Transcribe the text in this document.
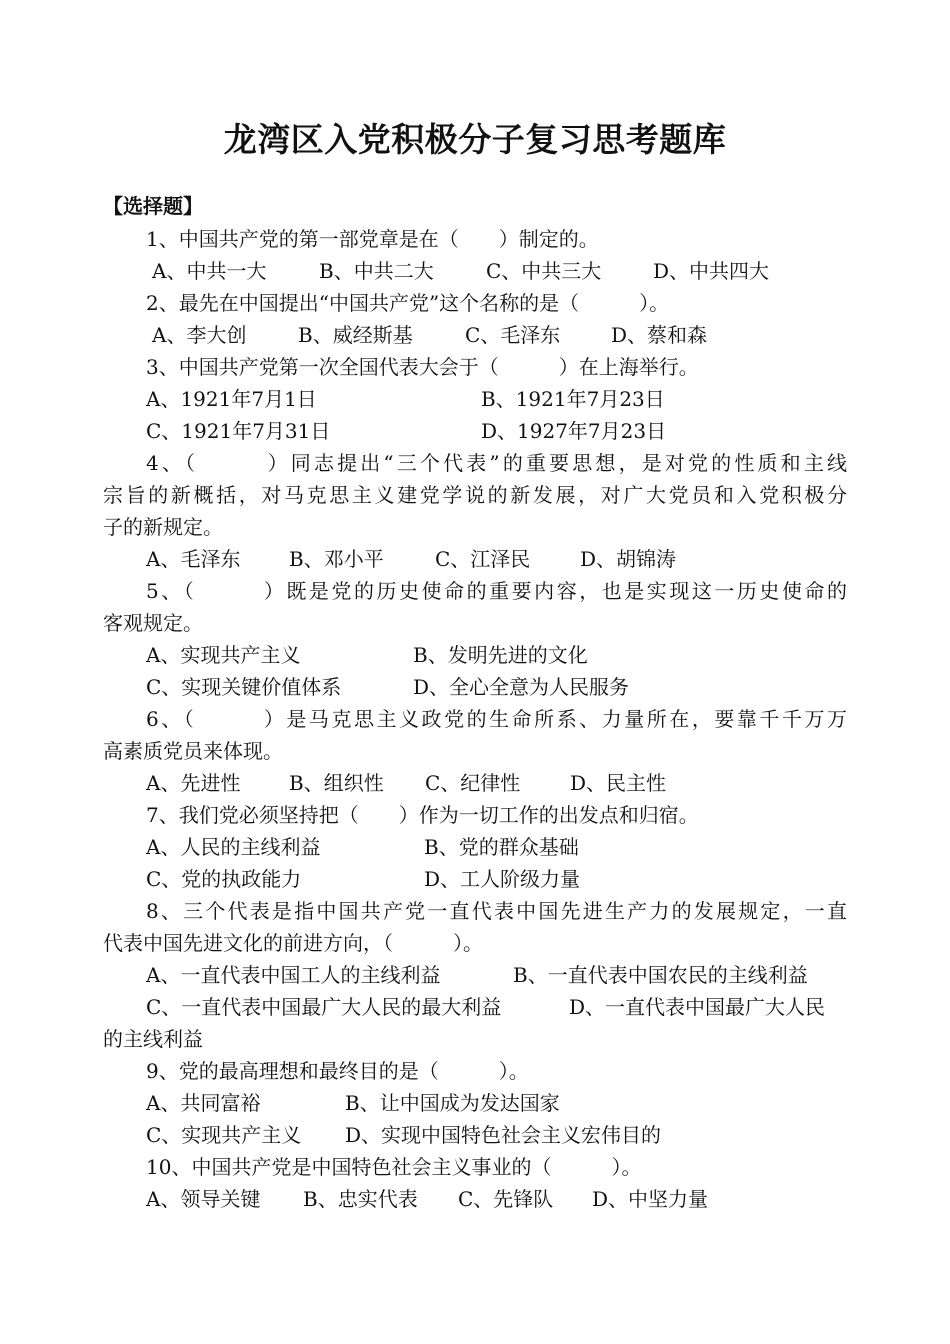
龙湾区入党积极分子复习思考题库
【选择题】
1、中国共产党的第一部党章是在（　　）制定的。
A、中共一大	B、中共二大	C、中共三大	D、中共四大
2、最先在中国提出“中国共产党”这个名称的是（　　　）。
A、李大创	B、威经斯基	C、毛泽东	D、蔡和森
3、中国共产党第一次全国代表大会于（　　　）在上海举行。
A、1921年7月1日	B、1921年7月23日
C、1921年7月31日	D、1927年7月23日
4、（　　　）同志提出“三个代表”的重要思想，是对党的性质和主线
宗旨的新概括，对马克思主义建党学说的新发展，对广大党员和入党积极分
子的新规定。
A、毛泽东 B、邓小平	C、江泽民 D、胡锦涛
5、（　　　）既是党的历史使命的重要内容，也是实现这一历史使命的
客观规定。
A、实现共产主义	B、发明先进的文化
C、实现关键价值体系	D、全心全意为人民服务
6、（　　　）是马克思主义政党的生命所系、力量所在，要靠千千万万
高素质党员来体现。
A、先进性 B、组织性 C、纪律性 D、民主性
7、我们党必须坚持把（　　）作为一切工作的出发点和归宿。
A、人民的主线利益	B、党的群众基础
C、党的执政能力	D、工人阶级力量
8、三个代表是指中国共产党一直代表中国先进生产力的发展规定，一直
代表中国先进文化的前进方向，（　　　）。
A、一直代表中国工人的主线利益	B、一直代表中国农民的主线利益
C、一直代表中国最广大人民的最大利益	D、一直代表中国最广大人民
的主线利益
9、党的最高理想和最终目的是（　　　）。
A、共同富裕	B、让中国成为发达国家
C、实现共产主义 D、实现中国特色社会主义宏伟目的
10、中国共产党是中国特色社会主义事业的（　　　）。
A、领导关键 B、忠实代表 C、先锋队 D、中坚力量
